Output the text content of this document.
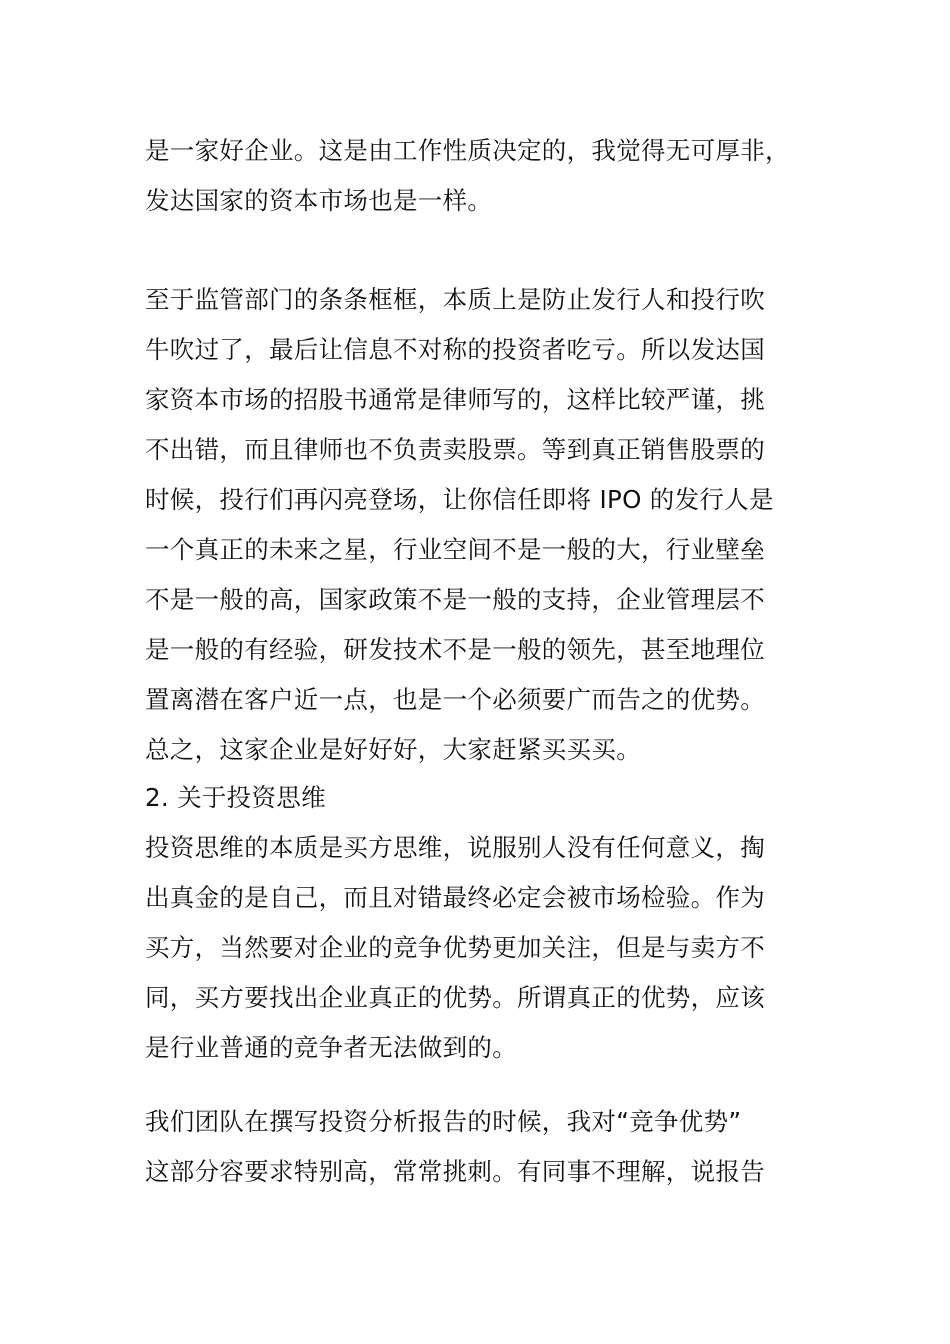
是一家好企业。这是由工作性质决定的，我觉得无可厚非，
发达国家的资本市场也是一样。
至于监管部门的条条框框，本质上是防止发行人和投行吹
牛吹过了，最后让信息不对称的投资者吃亏。所以发达国
家资本市场的招股书通常是律师写的，这样比较严谨，挑
不出错，而且律师也不负责卖股票。等到真正销售股票的
时候，投行们再闪亮登场，让你信任即将 IPO 的发行人是
一个真正的未来之星，行业空间不是一般的大，行业壁垒
不是一般的高，国家政策不是一般的支持，企业管理层不
是一般的有经验，研发技术不是一般的领先，甚至地理位
置离潜在客户近一点，也是一个必须要广而告之的优势。
总之，这家企业是好好好，大家赶紧买买买。
2. 关于投资思维
投资思维的本质是买方思维，说服别人没有任何意义，掏
出真金的是自己，而且对错最终必定会被市场检验。作为
买方，当然要对企业的竞争优势更加关注，但是与卖方不
同，买方要找出企业真正的优势。所谓真正的优势，应该
是行业普通的竞争者无法做到的。
我们团队在撰写投资分析报告的时候，我对“竞争优势”
这部分容要求特别高，常常挑刺。有同事不理解，说报告
